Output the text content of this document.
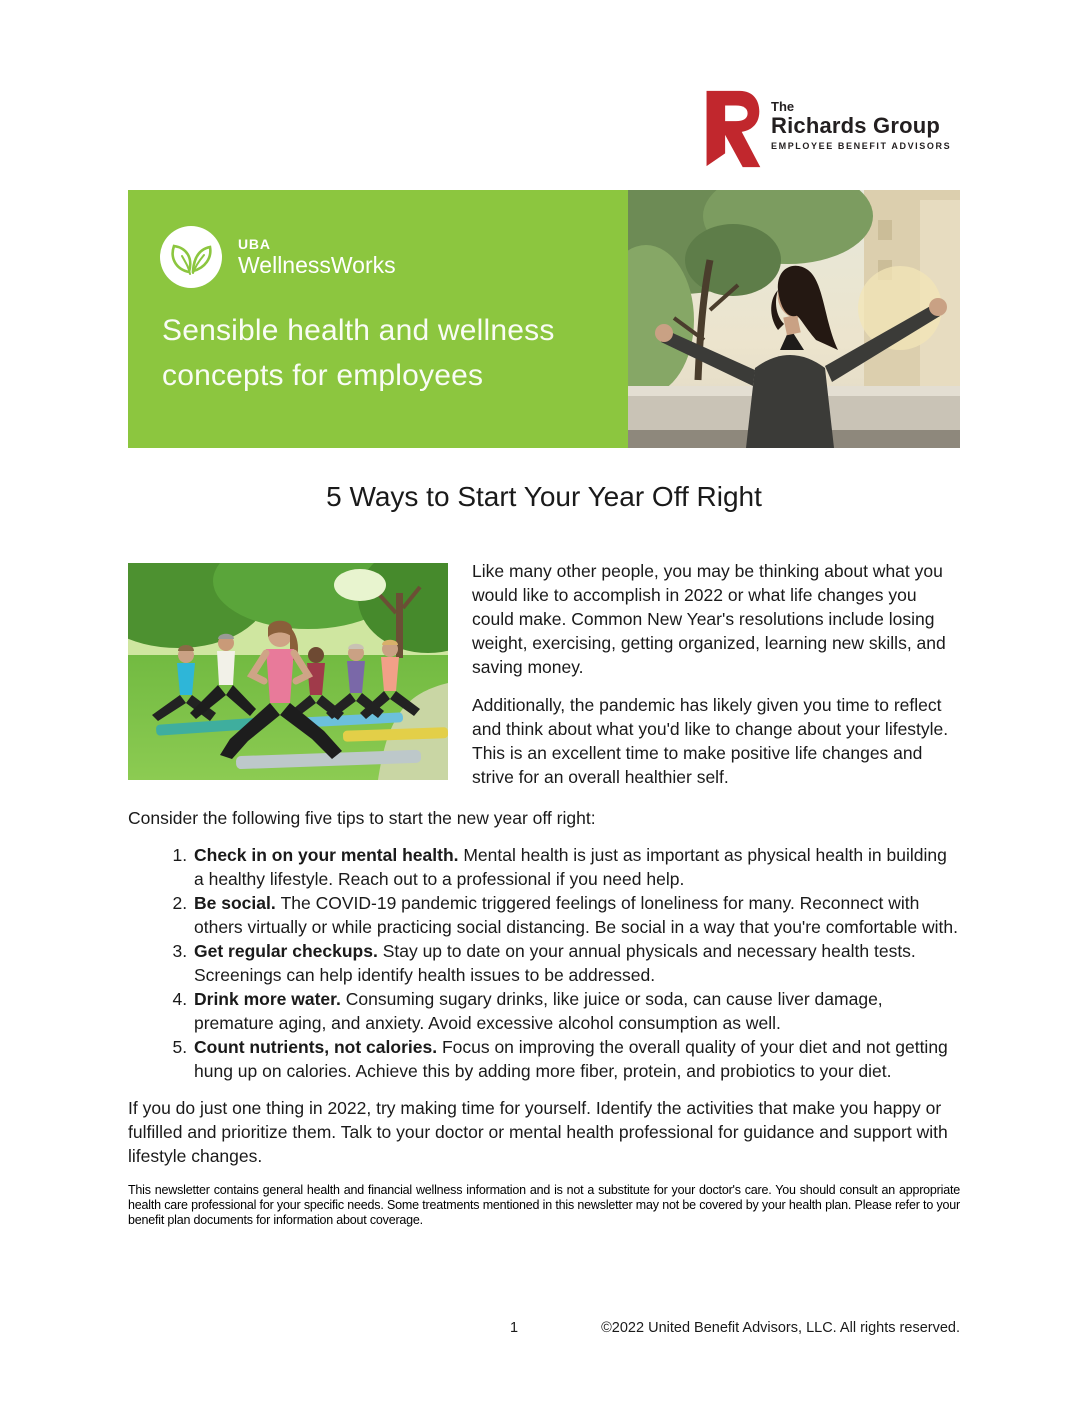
The
Richards Group
EMPLOYEE BENEFIT ADVISORS
UBA
WellnessWorks
Sensible health and wellness
concepts for employees
5 Ways to Start Your Year Off Right

Like many other people, you may be thinking about what you would like to accomplish in 2022 or what life changes you could make. Common New Year's resolutions include losing weight, exercising, getting organized, learning new skills, and saving money.

Additionally, the pandemic has likely given you time to reflect and think about what you'd like to change about your lifestyle. This is an excellent time to make positive life changes and strive for an overall healthier self.

Consider the following five tips to start the new year off right:

1. Check in on your mental health. Mental health is just as important as physical health in building a healthy lifestyle. Reach out to a professional if you need help.
2. Be social. The COVID-19 pandemic triggered feelings of loneliness for many. Reconnect with others virtually or while practicing social distancing. Be social in a way that you're comfortable with.
3. Get regular checkups. Stay up to date on your annual physicals and necessary health tests. Screenings can help identify health issues to be addressed.
4. Drink more water. Consuming sugary drinks, like juice or soda, can cause liver damage, premature aging, and anxiety. Avoid excessive alcohol consumption as well.
5. Count nutrients, not calories. Focus on improving the overall quality of your diet and not getting hung up on calories. Achieve this by adding more fiber, protein, and probiotics to your diet.

If you do just one thing in 2022, try making time for yourself. Identify the activities that make you happy or fulfilled and prioritize them. Talk to your doctor or mental health professional for guidance and support with lifestyle changes.

This newsletter contains general health and financial wellness information and is not a substitute for your doctor's care. You should consult an appropriate health care professional for your specific needs. Some treatments mentioned in this newsletter may not be covered by your health plan. Please refer to your benefit plan documents for information about coverage.

1	©2022 United Benefit Advisors, LLC. All rights reserved.
